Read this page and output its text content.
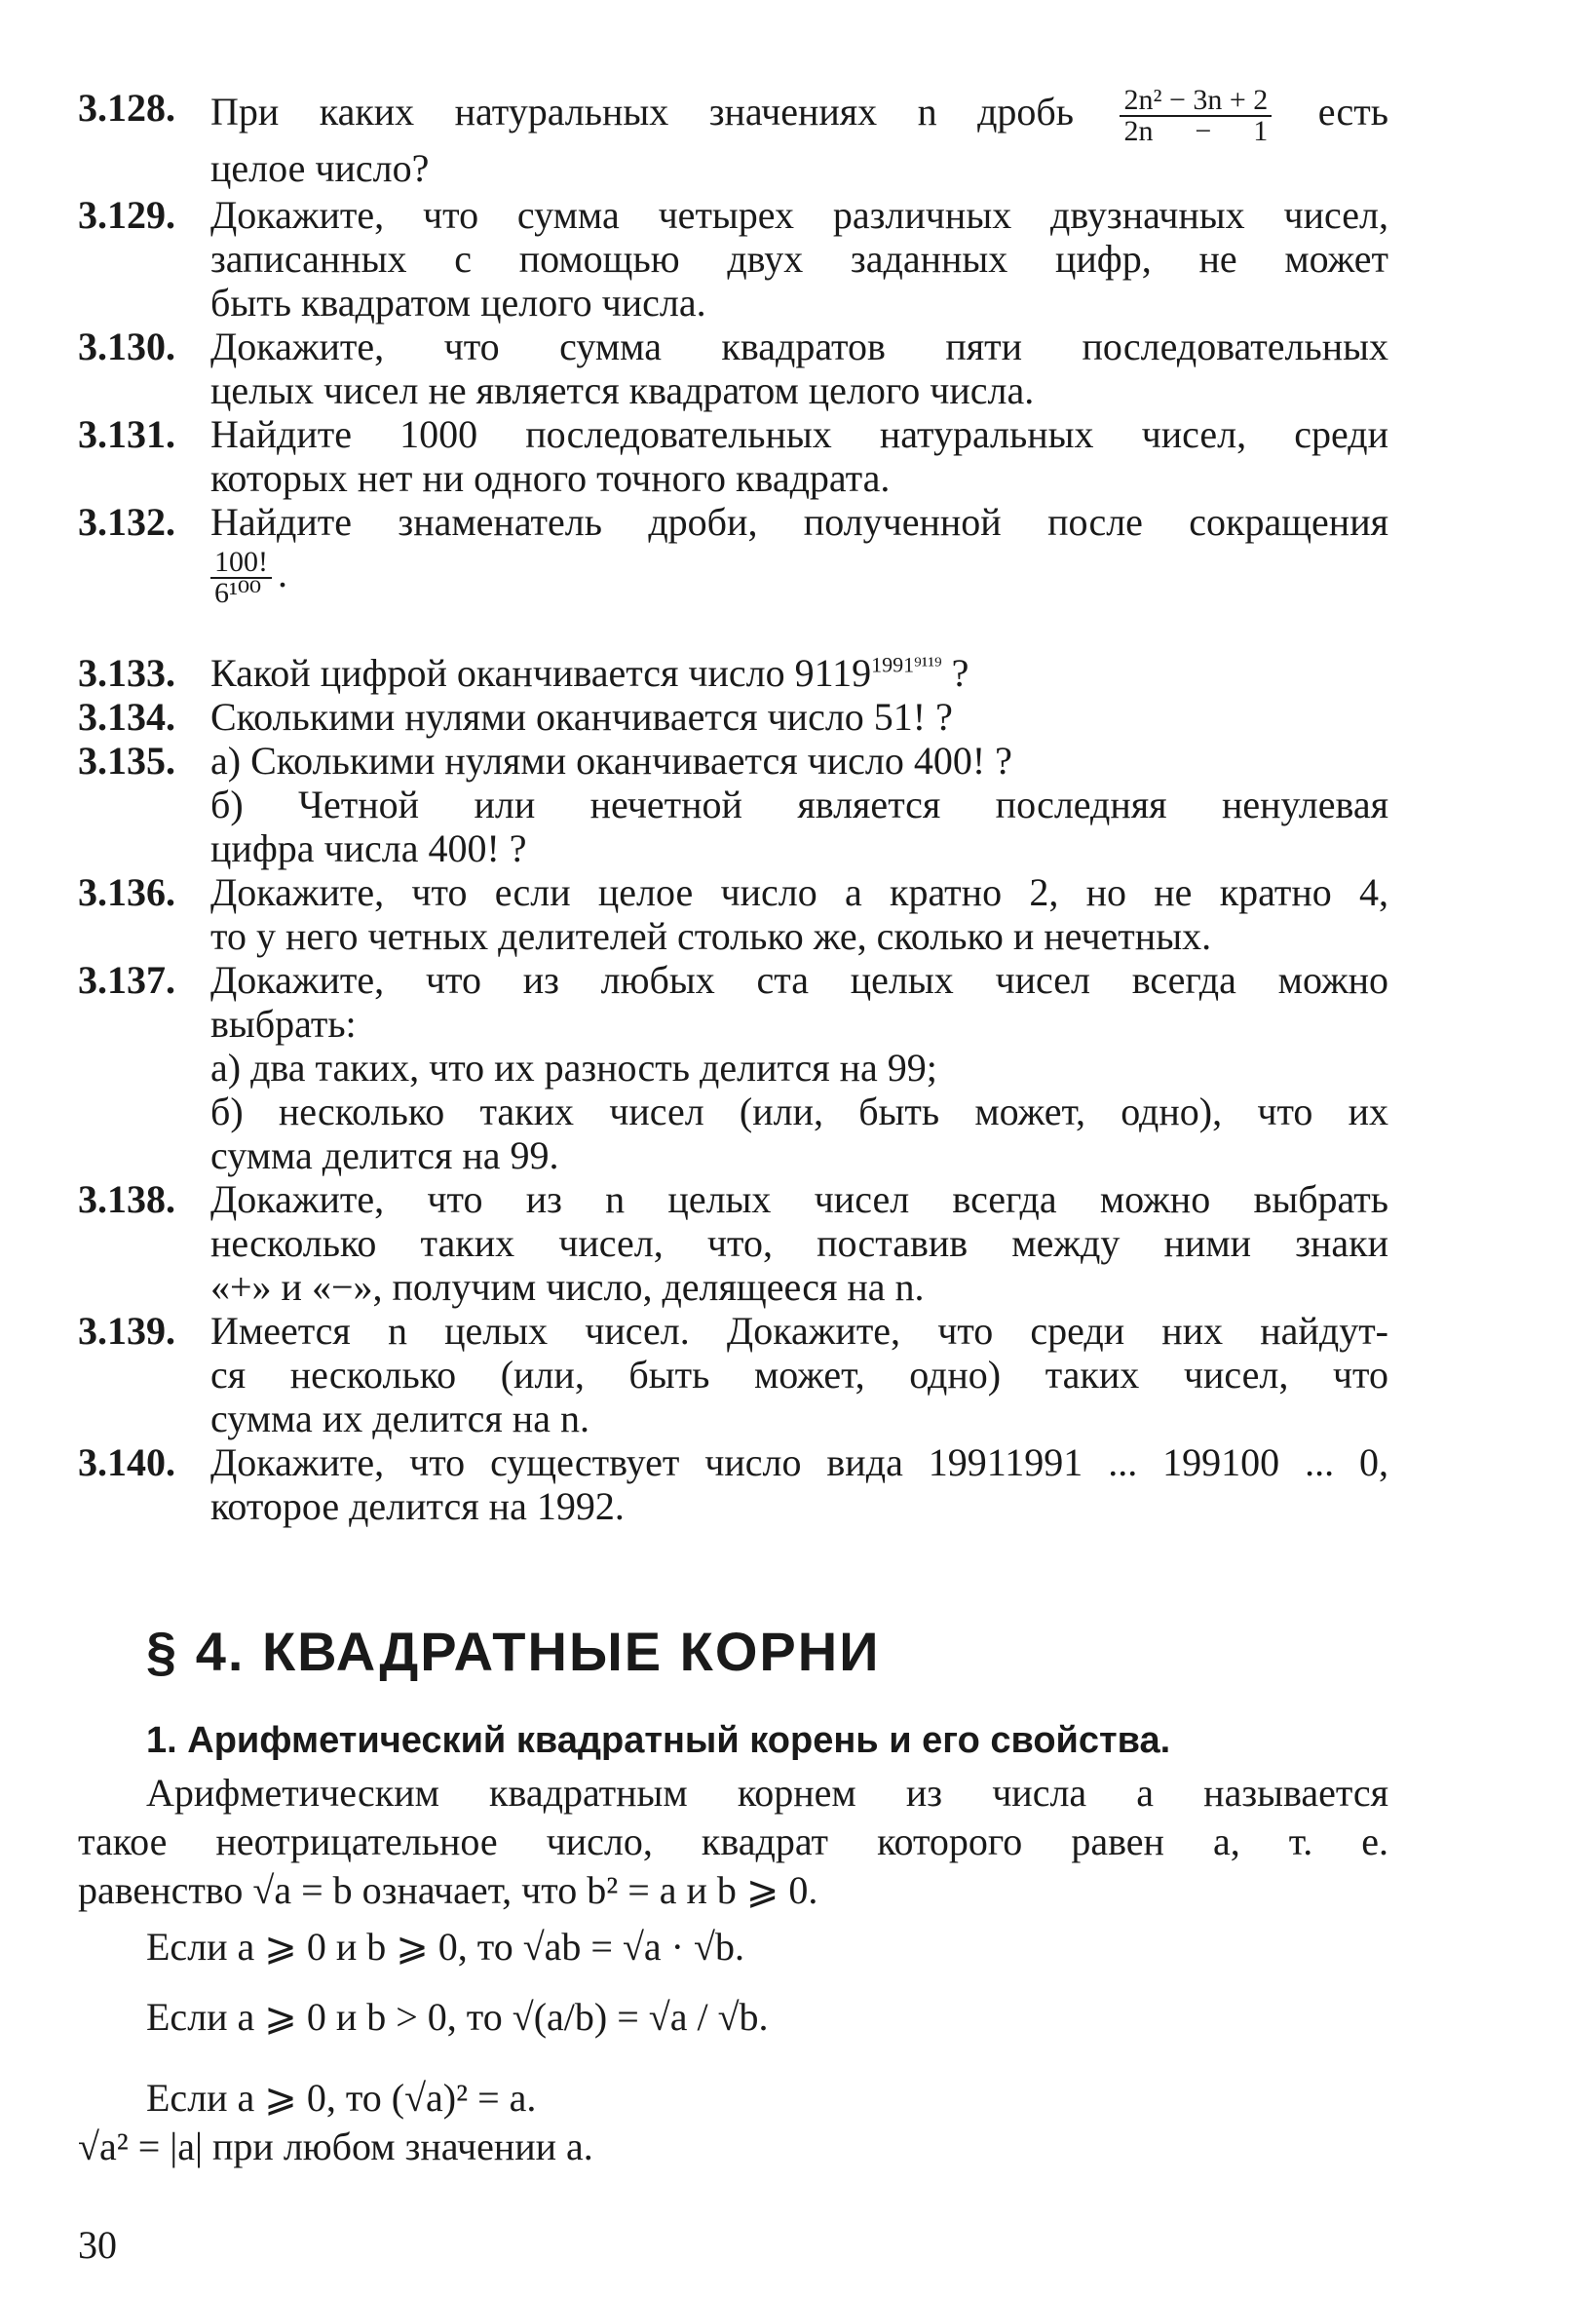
3.128. При каких натуральных значениях n дробь $\frac{\text{2n² − 3n + 2}}{2n - 1}$ есть
целое число?
3.129. Докажите, что сумма четырех различных двузначных чисел,
записанных с помощью двух заданных цифр, не может
быть квадратом целого числа.
3.130. Докажите, что сумма квадратов пяти последовательных
целых чисел не является квадратом целого числа.
3.131. Найдите 1000 последовательных натуральных чисел, среди
которых нет ни одного точного квадрата.
3.132. Найдите знаменатель дроби, полученной после сокращения
$\frac{100!}{\text{6¹⁰⁰}}$ .
3.133. Какой цифрой оканчивается число $9119^{1991^{9119}}$ ?
3.134. Сколькими нулями оканчивается число 51! ?
3.135. а) Сколькими нулями оканчивается число 400! ?
б) Четной или нечетной является последняя ненулевая
цифра числа 400! ?
3.136. Докажите, что если целое число a кратно 2, но не кратно 4,
то у него четных делителей столько же, сколько и нечетных.
3.137. Докажите, что из любых ста целых чисел всегда можно
выбрать:
а) два таких, что их разность делится на 99;
б) несколько таких чисел (или, быть может, одно), что их
сумма делится на 99.
3.138. Докажите, что из n целых чисел всегда можно выбрать
несколько таких чисел, что, поставив между ними знаки
«+» и «−», получим число, делящееся на n.
3.139. Имеется n целых чисел. Докажите, что среди них найдут-
ся несколько (или, быть может, одно) таких чисел, что
сумма их делится на n.
3.140. Докажите, что существует число вида 19911991 ... 199100 ... 0,
которое делится на 1992.
§ 4. КВАДРАТНЫЕ КОРНИ
1. Арифметический квадратный корень и его свойства.
Арифметическим квадратным корнем из числа a называется
такое неотрицательное число, квадрат которого равен a, т. е.
равенство √a = b означает, что b² = a и b ⩾ 0.
Если a ⩾ 0 и b ⩾ 0, то √ab = √a · √b.
Если a ⩾ 0 и b > 0, то √(a/b) = √a / √b.
Если a ⩾ 0, то (√a)² = a.
√a² = |a| при любом значении a.
30
